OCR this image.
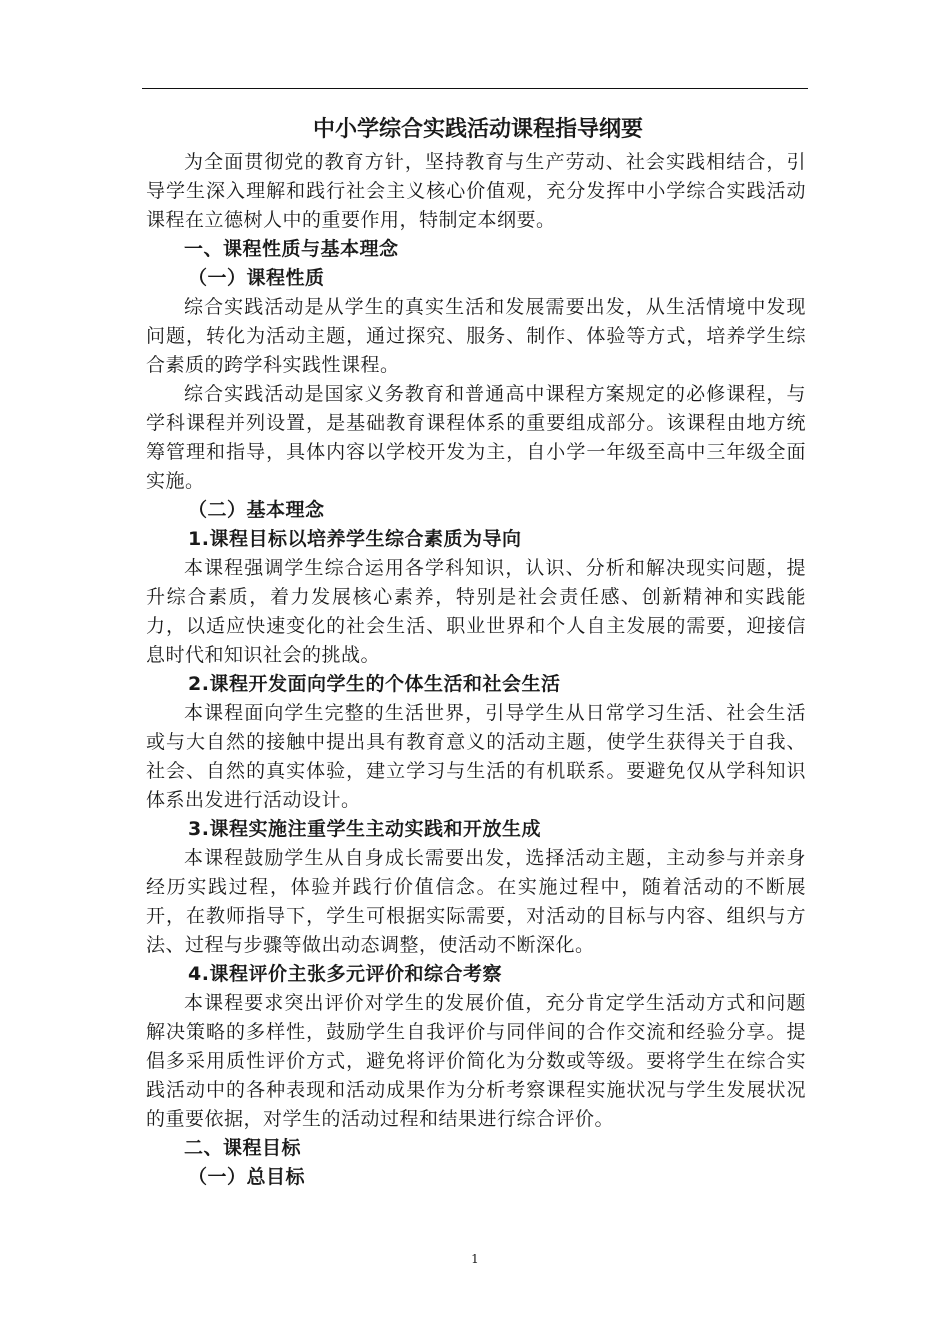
中小学综合实践活动课程指导纲要

为全面贯彻党的教育方针，坚持教育与生产劳动、社会实践相结合，引导学生深入理解和践行社会主义核心价值观，充分发挥中小学综合实践活动课程在立德树人中的重要作用，特制定本纲要。

一、课程性质与基本理念

（一）课程性质

综合实践活动是从学生的真实生活和发展需要出发，从生活情境中发现问题，转化为活动主题，通过探究、服务、制作、体验等方式，培养学生综合素质的跨学科实践性课程。

综合实践活动是国家义务教育和普通高中课程方案规定的必修课程，与学科课程并列设置，是基础教育课程体系的重要组成部分。该课程由地方统筹管理和指导，具体内容以学校开发为主，自小学一年级至高中三年级全面实施。

（二）基本理念

1.课程目标以培养学生综合素质为导向

本课程强调学生综合运用各学科知识，认识、分析和解决现实问题，提升综合素质，着力发展核心素养，特别是社会责任感、创新精神和实践能力，以适应快速变化的社会生活、职业世界和个人自主发展的需要，迎接信息时代和知识社会的挑战。

2.课程开发面向学生的个体生活和社会生活

本课程面向学生完整的生活世界，引导学生从日常学习生活、社会生活或与大自然的接触中提出具有教育意义的活动主题，使学生获得关于自我、社会、自然的真实体验，建立学习与生活的有机联系。要避免仅从学科知识体系出发进行活动设计。

3.课程实施注重学生主动实践和开放生成

本课程鼓励学生从自身成长需要出发，选择活动主题，主动参与并亲身经历实践过程，体验并践行价值信念。在实施过程中，随着活动的不断展开，在教师指导下，学生可根据实际需要，对活动的目标与内容、组织与方法、过程与步骤等做出动态调整，使活动不断深化。

4.课程评价主张多元评价和综合考察

本课程要求突出评价对学生的发展价值，充分肯定学生活动方式和问题解决策略的多样性，鼓励学生自我评价与同伴间的合作交流和经验分享。提倡多采用质性评价方式，避免将评价简化为分数或等级。要将学生在综合实践活动中的各种表现和活动成果作为分析考察课程实施状况与学生发展状况的重要依据，对学生的活动过程和结果进行综合评价。

二、课程目标

（一）总目标

1
